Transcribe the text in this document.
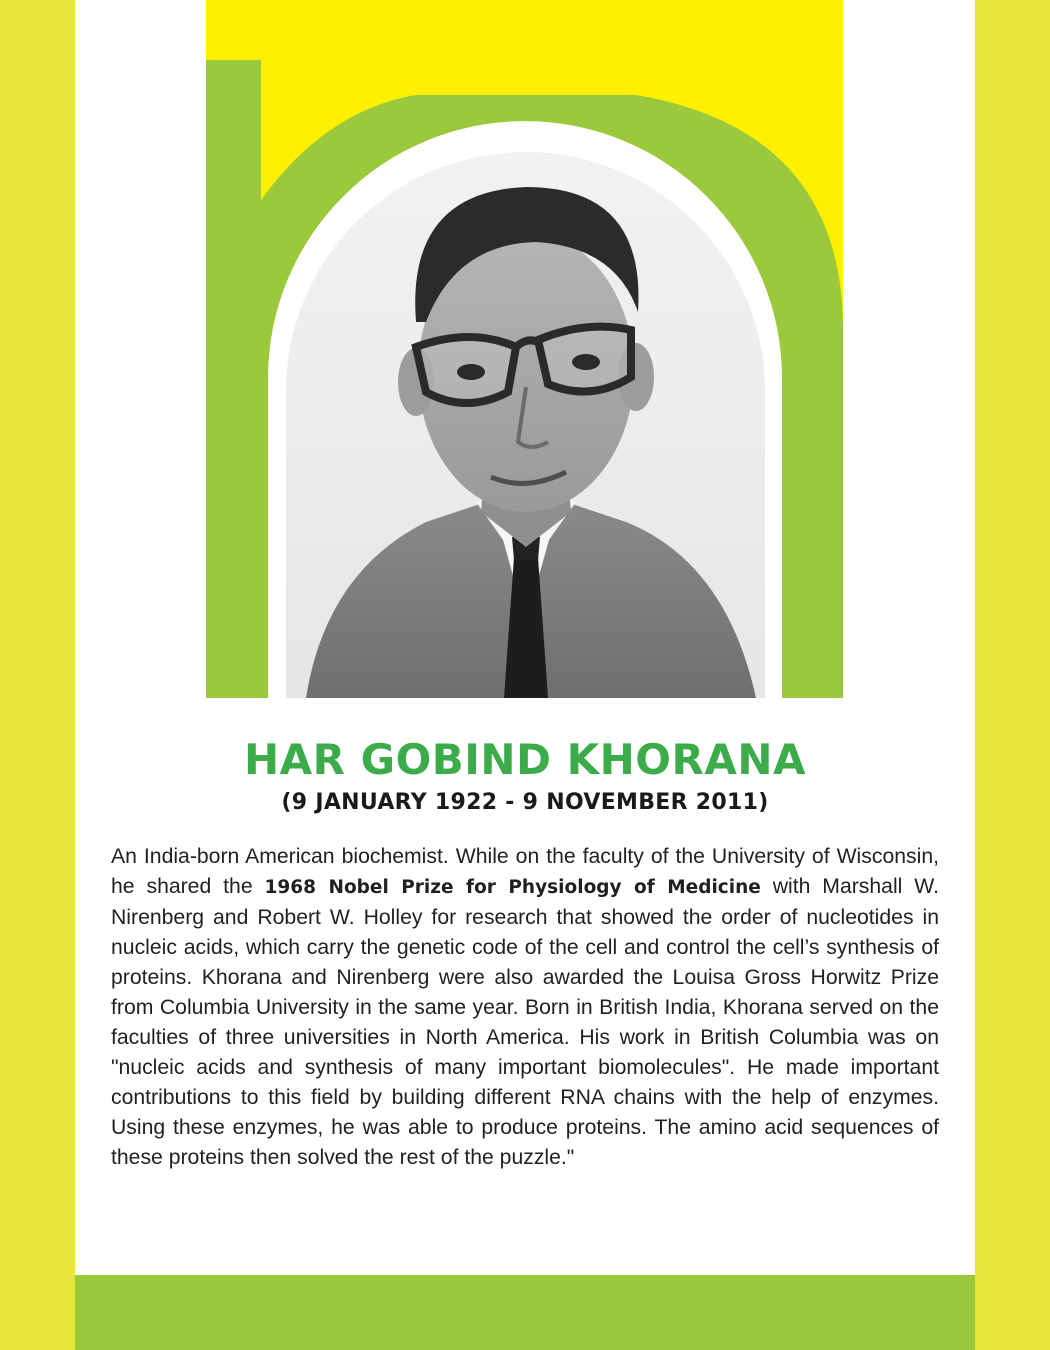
HAR GOBIND KHORANA
(9 JANUARY 1922 - 9 NOVEMBER 2011)

An India-born American biochemist. While on the faculty of the University of Wisconsin, he shared the 1968 Nobel Prize for Physiology of Medicine with Marshall W. Nirenberg and Robert W. Holley for research that showed the order of nucleotides in nucleic acids, which carry the genetic code of the cell and control the cell’s synthesis of proteins. Khorana and Nirenberg were also awarded the Louisa Gross Horwitz Prize from Columbia University in the same year. Born in British India, Khorana served on the faculties of three universities in North America. His work in British Columbia was on "nucleic acids and synthesis of many important biomolecules". He made important contributions to this field by building different RNA chains with the help of enzymes. Using these enzymes, he was able to produce proteins. The amino acid sequences of these proteins then solved the rest of the puzzle."
